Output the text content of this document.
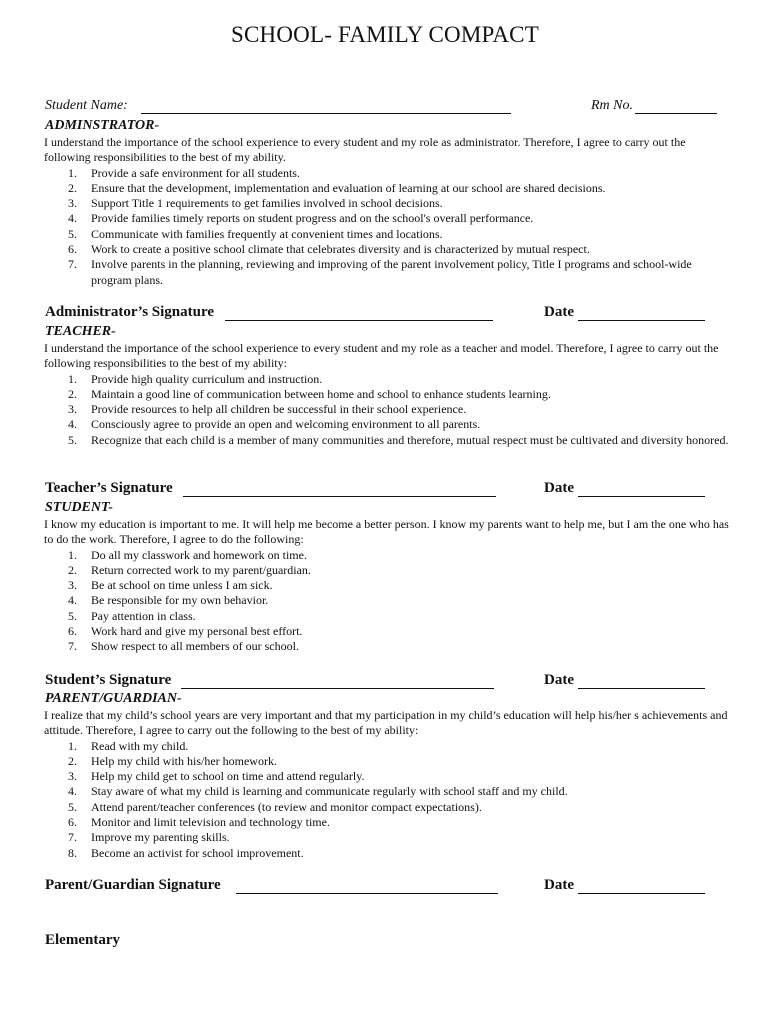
SCHOOL- FAMILY COMPACT
Student Name:	Rm No.
ADMINSTRATOR-
I understand the importance of the school experience to every student and my role as administrator. Therefore, I agree to carry out the following responsibilities to the best of my ability.
1. Provide a safe environment for all students.
2. Ensure that the development, implementation and evaluation of learning at our school are shared decisions.
3. Support Title 1 requirements to get families involved in school decisions.
4. Provide families timely reports on student progress and on the school's overall performance.
5. Communicate with families frequently at convenient times and locations.
6. Work to create a positive school climate that celebrates diversity and is characterized by mutual respect.
7. Involve parents in the planning, reviewing and improving of the parent involvement policy, Title I programs and school-wide program plans.
Administrator’s Signature	Date
TEACHER-
I understand the importance of the school experience to every student and my role as a teacher and model. Therefore, I agree to carry out the following responsibilities to the best of my ability:
1. Provide high quality curriculum and instruction.
2. Maintain a good line of communication between home and school to enhance students learning.
3. Provide resources to help all children be successful in their school experience.
4. Consciously agree to provide an open and welcoming environment to all parents.
5. Recognize that each child is a member of many communities and therefore, mutual respect must be cultivated and diversity honored.
Teacher’s Signature	Date
STUDENT-
I know my education is important to me. It will help me become a better person. I know my parents want to help me, but I am the one who has to do the work. Therefore, I agree to do the following:
1. Do all my classwork and homework on time.
2. Return corrected work to my parent/guardian.
3. Be at school on time unless I am sick.
4. Be responsible for my own behavior.
5. Pay attention in class.
6. Work hard and give my personal best effort.
7. Show respect to all members of our school.
Student’s Signature	Date
PARENT/GUARDIAN-
I realize that my child’s school years are very important and that my participation in my child’s education will help his/her s achievements and attitude. Therefore, I agree to carry out the following to the best of my ability:
1. Read with my child.
2. Help my child with his/her homework.
3. Help my child get to school on time and attend regularly.
4. Stay aware of what my child is learning and communicate regularly with school staff and my child.
5. Attend parent/teacher conferences (to review and monitor compact expectations).
6. Monitor and limit television and technology time.
7. Improve my parenting skills.
8. Become an activist for school improvement.
Parent/Guardian Signature	Date
Elementary
